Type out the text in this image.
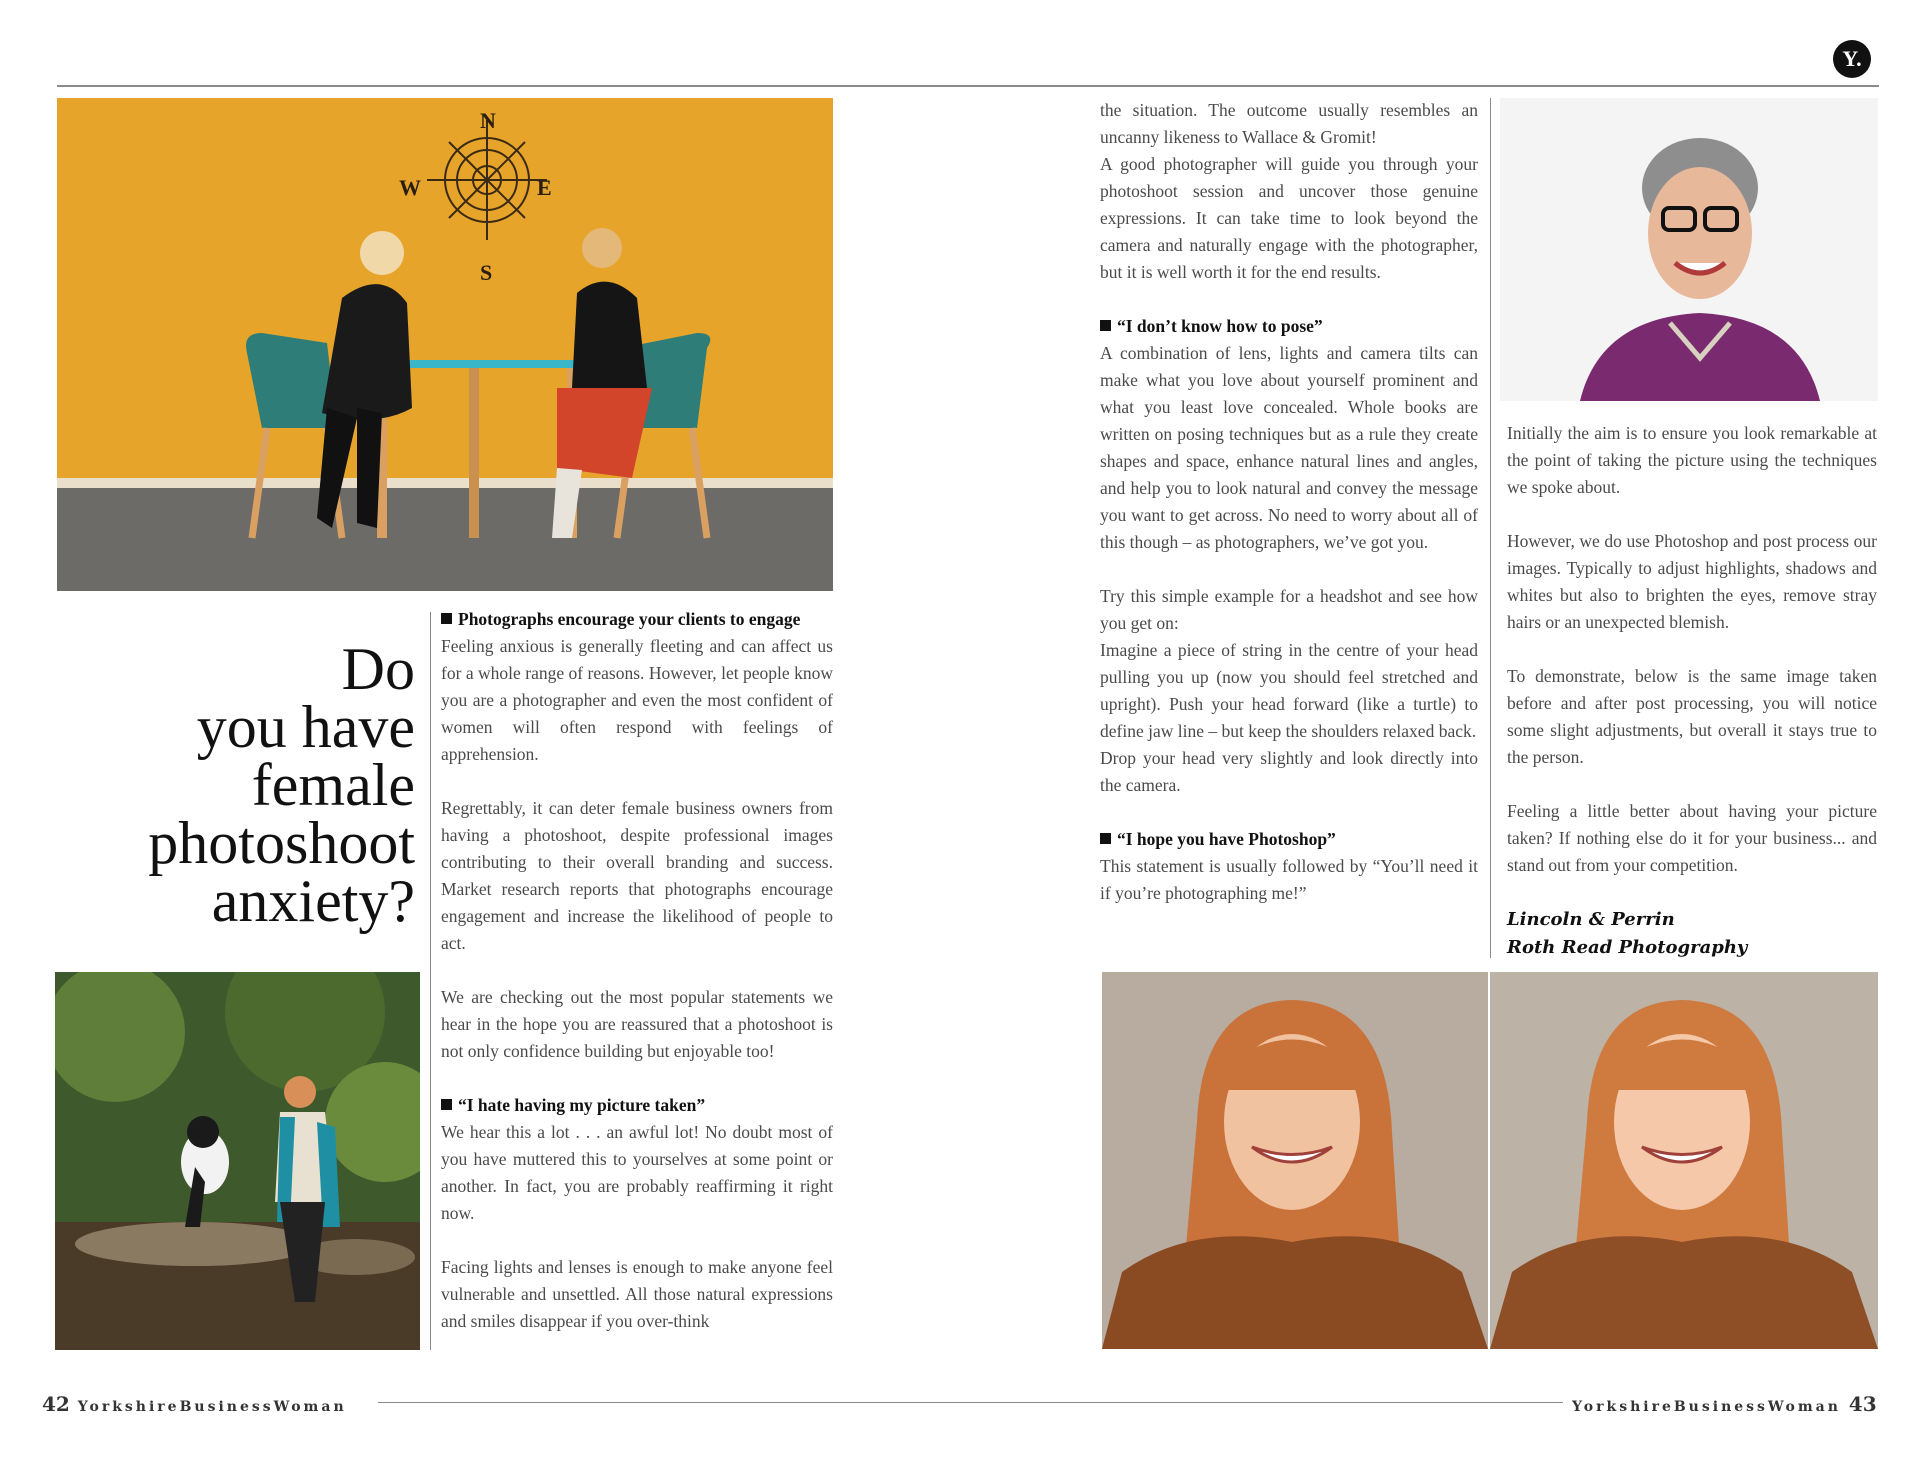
Y.
N
E
S
W
Do
you have
female
photoshoot
anxiety?
Photographs encourage your clients to engage

Feeling anxious is generally fleeting and can affect us for a whole range of reasons. However, let people know you are a photographer and even the most confident of women will often respond with feelings of apprehension.

Regrettably, it can deter female business owners from having a photoshoot, despite professional images contributing to their overall branding and success. Market research reports that photographs encourage engagement and increase the likelihood of people to act.

We are checking out the most popular statements we hear in the hope you are reassured that a photoshoot is not only confidence building but enjoyable too!

“I hate having my picture taken”

We hear this a lot . . . an awful lot! No doubt most of you have muttered this to yourselves at some point or another. In fact, you are probably reaffirming it right now.

Facing lights and lenses is enough to make anyone feel vulnerable and unsettled. All those natural expressions and smiles disappear if you over-think

the situation. The outcome usually resembles an uncanny likeness to Wallace & Gromit!

A good photographer will guide you through your photoshoot session and uncover those genuine expressions. It can take time to look beyond the camera and naturally engage with the photographer, but it is well worth it for the end results.

“I don’t know how to pose”

A combination of lens, lights and camera tilts can make what you love about yourself prominent and what you least love concealed. Whole books are written on posing techniques but as a rule they create shapes and space, enhance natural lines and angles, and help you to look natural and convey the message you want to get across. No need to worry about all of this though – as photographers, we’ve got you.

Try this simple example for a headshot and see how you get on:

Imagine a piece of string in the centre of your head pulling you up (now you should feel stretched and upright). Push your head forward (like a turtle) to define jaw line – but keep the shoulders relaxed back.

Drop your head very slightly and look directly into the camera.

“I hope you have Photoshop”

This statement is usually followed by “You’ll need it if you’re photographing me!”

Initially the aim is to ensure you look remarkable at the point of taking the picture using the techniques we spoke about.

However, we do use Photoshop and post process our images. Typically to adjust highlights, shadows and whites but also to brighten the eyes, remove stray hairs or an unexpected blemish.

To demonstrate, below is the same image taken before and after post processing, you will notice some slight adjustments, but overall it stays true to the person.

Feeling a little better about having your picture taken? If nothing else do it for your business... and stand out from your competition.

Lincoln & Perrin
Roth Read Photography
42 YorkshireBusinessWoman	YorkshireBusinessWoman 43
